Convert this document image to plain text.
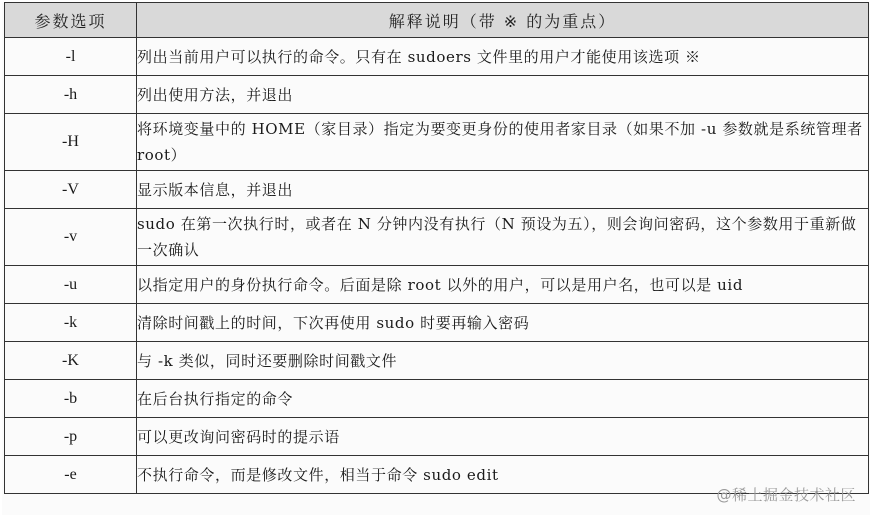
参数选项	解释说明（带 ※ 的为重点）
-l	列出当前用户可以执行的命令。只有在 sudoers 文件里的用户才能使用该选项 ※
-h	列出使用方法，并退出
-H	将环境变量中的 HOME（家目录）指定为要变更身份的使用者家目录（如果不加 -u 参数就是系统管理者 root）
-V	显示版本信息，并退出
-v	sudo 在第一次执行时，或者在 N 分钟内没有执行（N 预设为五），则会询问密码，这个参数用于重新做一次确认
-u	以指定用户的身份执行命令。后面是除 root 以外的用户，可以是用户名，也可以是 uid
-k	清除时间戳上的时间，下次再使用 sudo 时要再输入密码
-K	与 -k 类似，同时还要删除时间戳文件
-b	在后台执行指定的命令
-p	可以更改询问密码时的提示语
-e	不执行命令，而是修改文件，相当于命令 sudo edit
@稀土掘金技术社区
